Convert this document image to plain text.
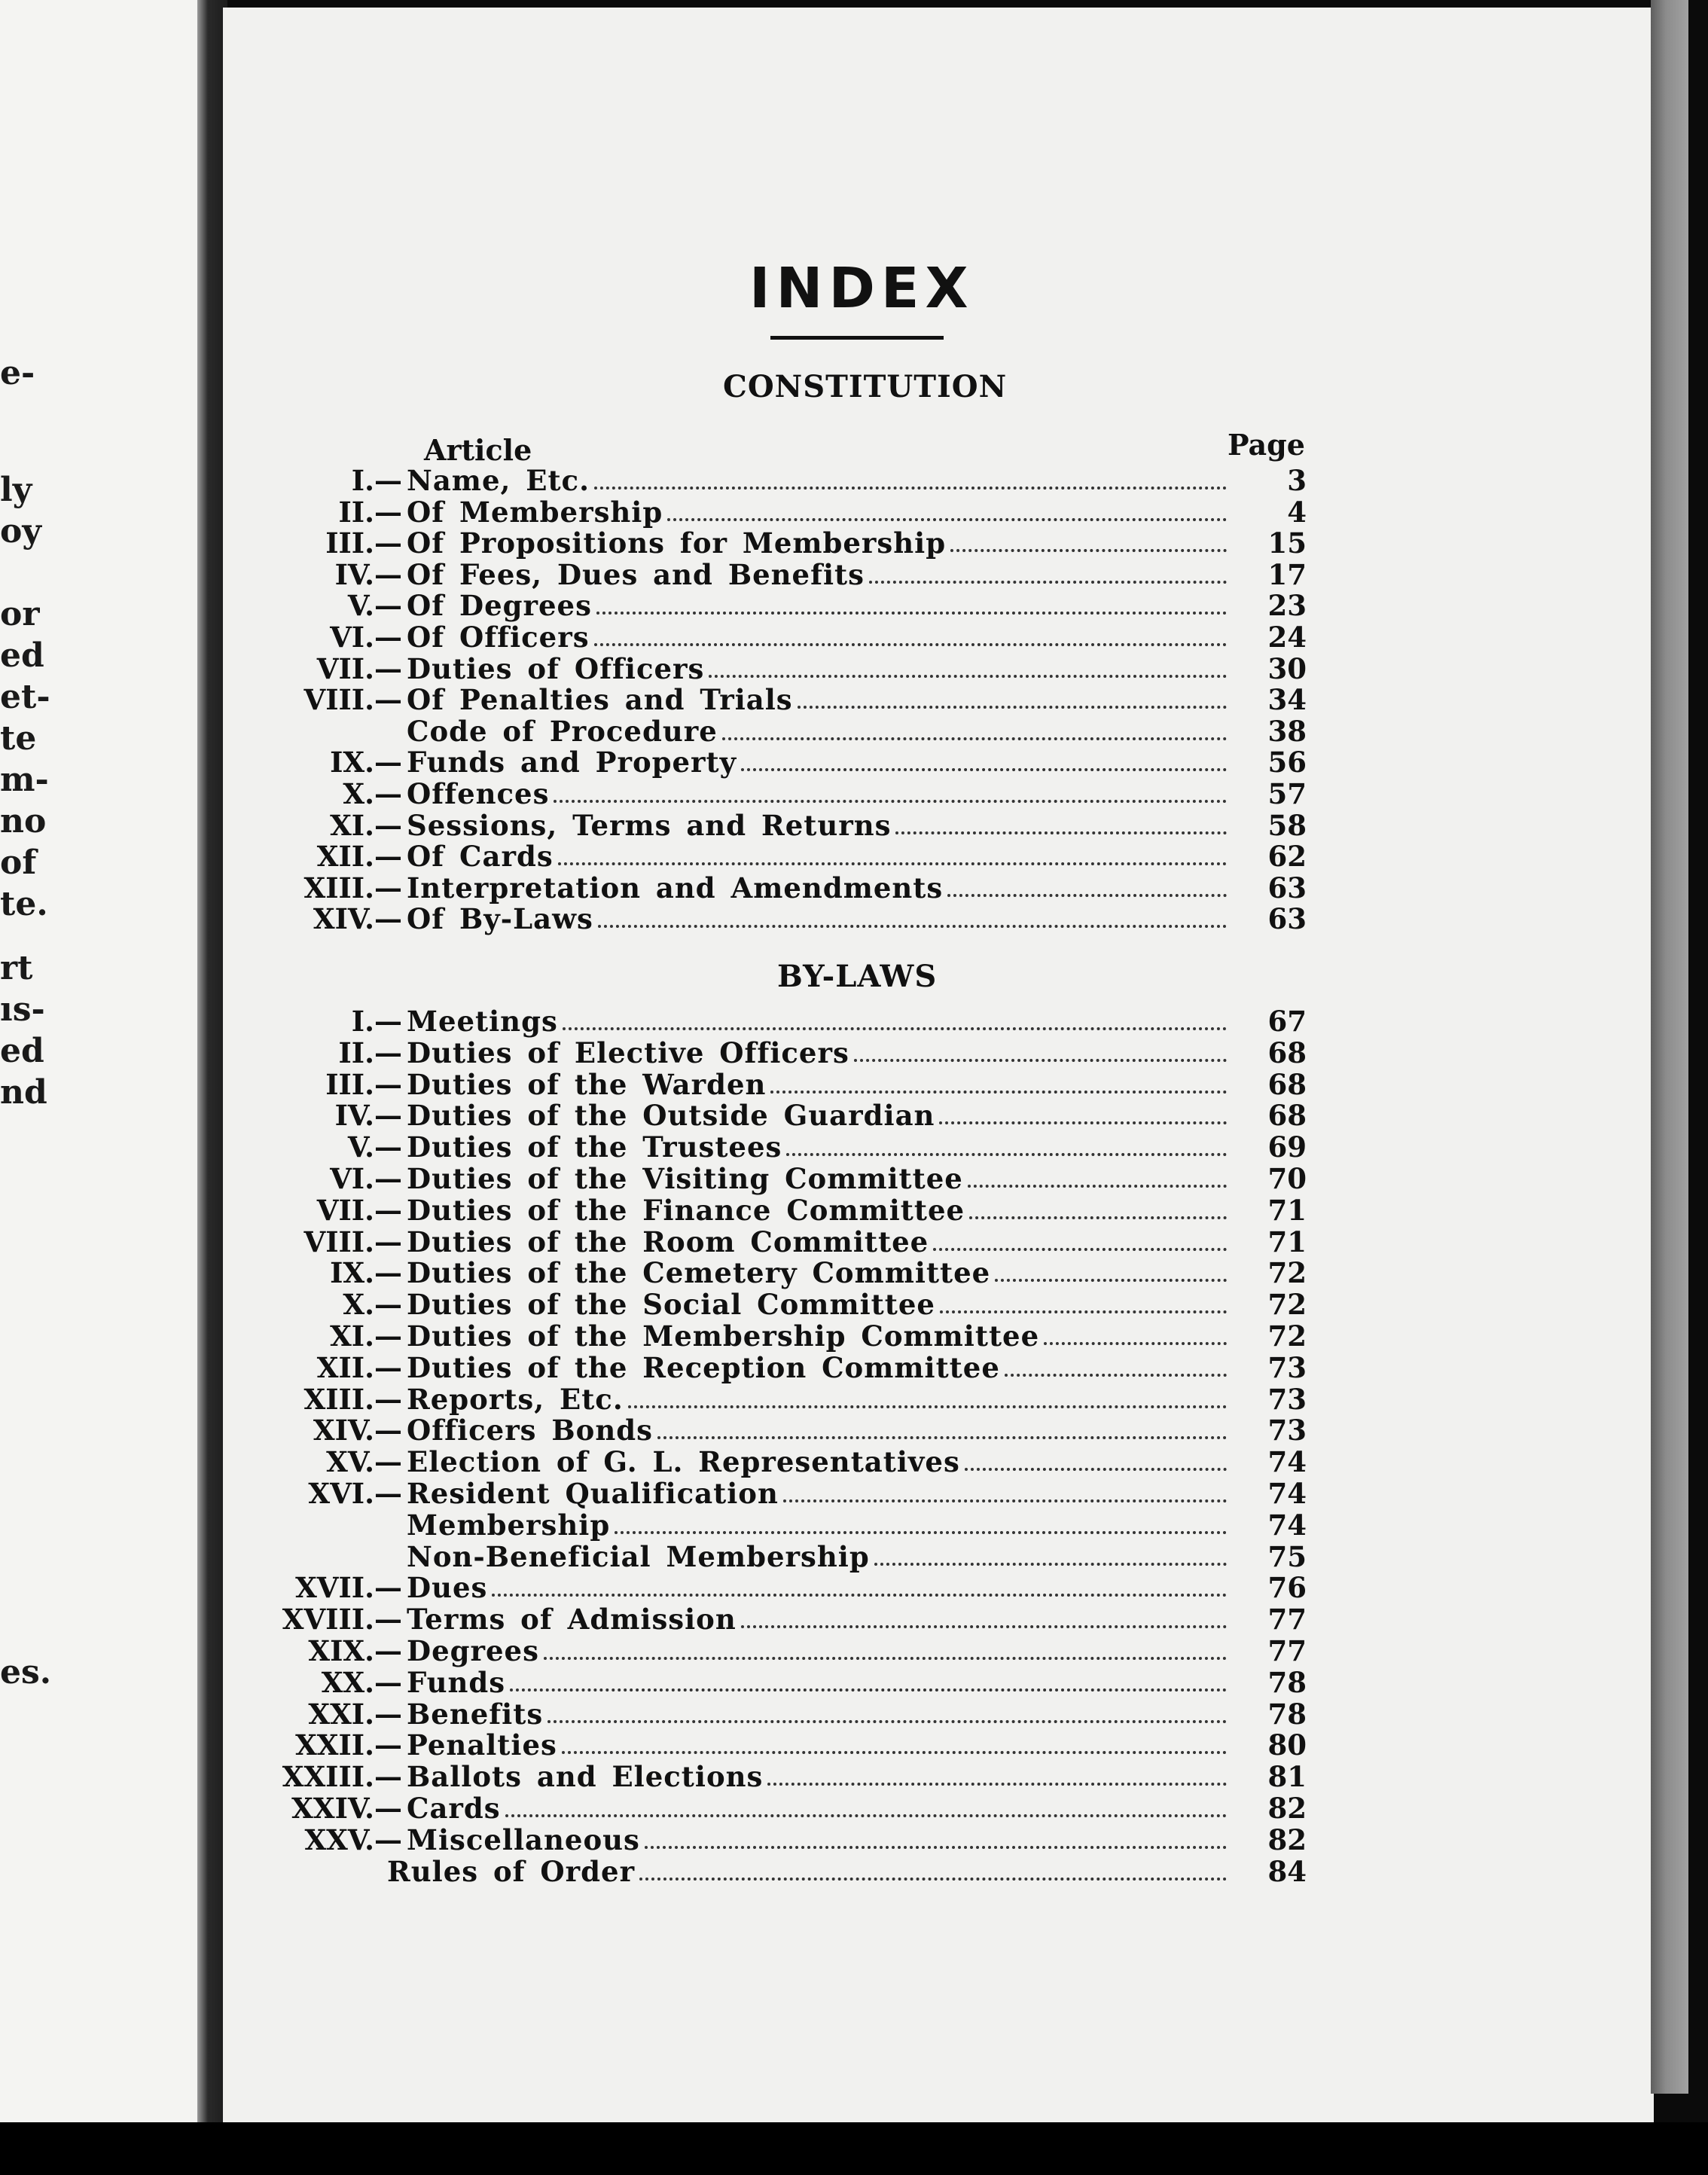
e-
ly
oy
or
ed
et-
te
m-
no
of
te.
rt
ıs-
ed
nd
es.
INDEX
CONSTITUTION
Article	Page
I.— Name, Etc.	3
II.— Of Membership	4
III.— Of Propositions for Membership	15
IV.— Of Fees, Dues and Benefits	17
V.— Of Degrees	23
VI.— Of Officers	24
VII.— Duties of Officers	30
VIII.— Of Penalties and Trials	34
Code of Procedure	38
IX.— Funds and Property	56
X.— Offences	57
XI.— Sessions, Terms and Returns	58
XII.— Of Cards	62
XIII.— Interpretation and Amendments	63
XIV.— Of By-Laws	63
BY-LAWS
I.— Meetings	67
II.— Duties of Elective Officers	68
III.— Duties of the Warden	68
IV.— Duties of the Outside Guardian	68
V.— Duties of the Trustees	69
VI.— Duties of the Visiting Committee	70
VII.— Duties of the Finance Committee	71
VIII.— Duties of the Room Committee	71
IX.— Duties of the Cemetery Committee	72
X.— Duties of the Social Committee	72
XI.— Duties of the Membership Committee	72
XII.— Duties of the Reception Committee	73
XIII.— Reports, Etc.	73
XIV.— Officers Bonds	73
XV.— Election of G. L. Representatives	74
XVI.— Resident Qualification	74
Membership	74
Non-Beneficial Membership	75
XVII.— Dues	76
XVIII.— Terms of Admission	77
XIX.— Degrees	77
XX.— Funds	78
XXI.— Benefits	78
XXII.— Penalties	80
XXIII.— Ballots and Elections	81
XXIV.— Cards	82
XXV.— Miscellaneous	82
Rules of Order	84
